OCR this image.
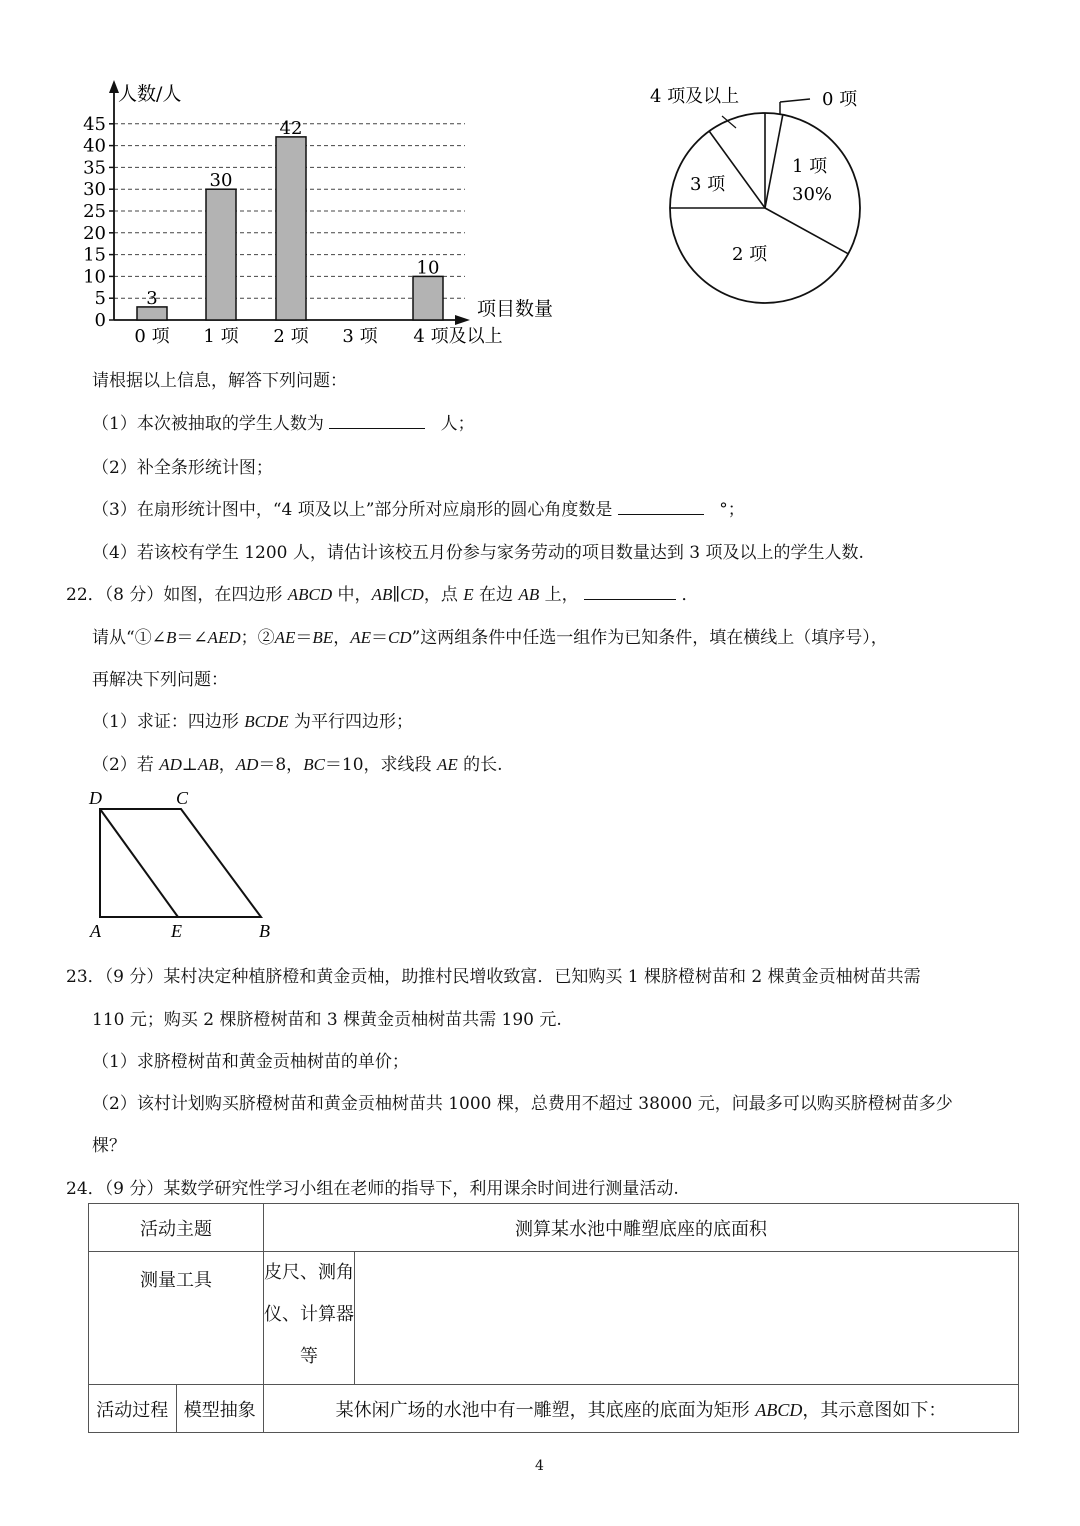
0
5
10
15
20
25
30
35
40
45
3
30
42
10
0 项 1 项 2 项 3 项 4 项及以上
人数/人
项目数量
0 项
4 项及以上
1 项
30%
2 项
3 项
请根据以上信息，解答下列问题：
（1）本次被抽取的学生人数为	人；
（2）补全条形统计图；
（3）在扇形统计图中，“4 项及以上”部分所对应扇形的圆心角度数是	°；
（4）若该校有学生 1200 人，请估计该校五月份参与家务劳动的项目数量达到 3 项及以上的学生人数.
22．（8 分）如图，在四边形 ABCD 中，AB∥CD，点 E 在边 AB 上，	．
请从“①∠B＝∠AED；②AE＝BE，AE＝CD”这两组条件中任选一组作为已知条件，填在横线上（填序号），
再解决下列问题：
（1）求证：四边形 BCDE 为平行四边形；
（2）若 AD⊥AB，AD＝8，BC＝10，求线段 AE 的长.
D	C
A	E	B
23．（9 分）某村决定种植脐橙和黄金贡柚，助推村民增收致富．已知购买 1 棵脐橙树苗和 2 棵黄金贡柚树苗共需
110 元；购买 2 棵脐橙树苗和 3 棵黄金贡柚树苗共需 190 元.
（1）求脐橙树苗和黄金贡柚树苗的单价；
（2）该村计划购买脐橙树苗和黄金贡柚树苗共 1000 棵，总费用不超过 38000 元，问最多可以购买脐橙树苗多少
棵？
24．（9 分）某数学研究性学习小组在老师的指导下，利用课余时间进行测量活动.
活动主题		测算某水池中雕塑底座的底面积	
测量工具		皮尺、测角
仪、计算器
等	

活动过程	模型抽象	某休闲广场的水池中有一雕塑，其底座的底面为矩形 ABCD，其示意图如下：	
4
